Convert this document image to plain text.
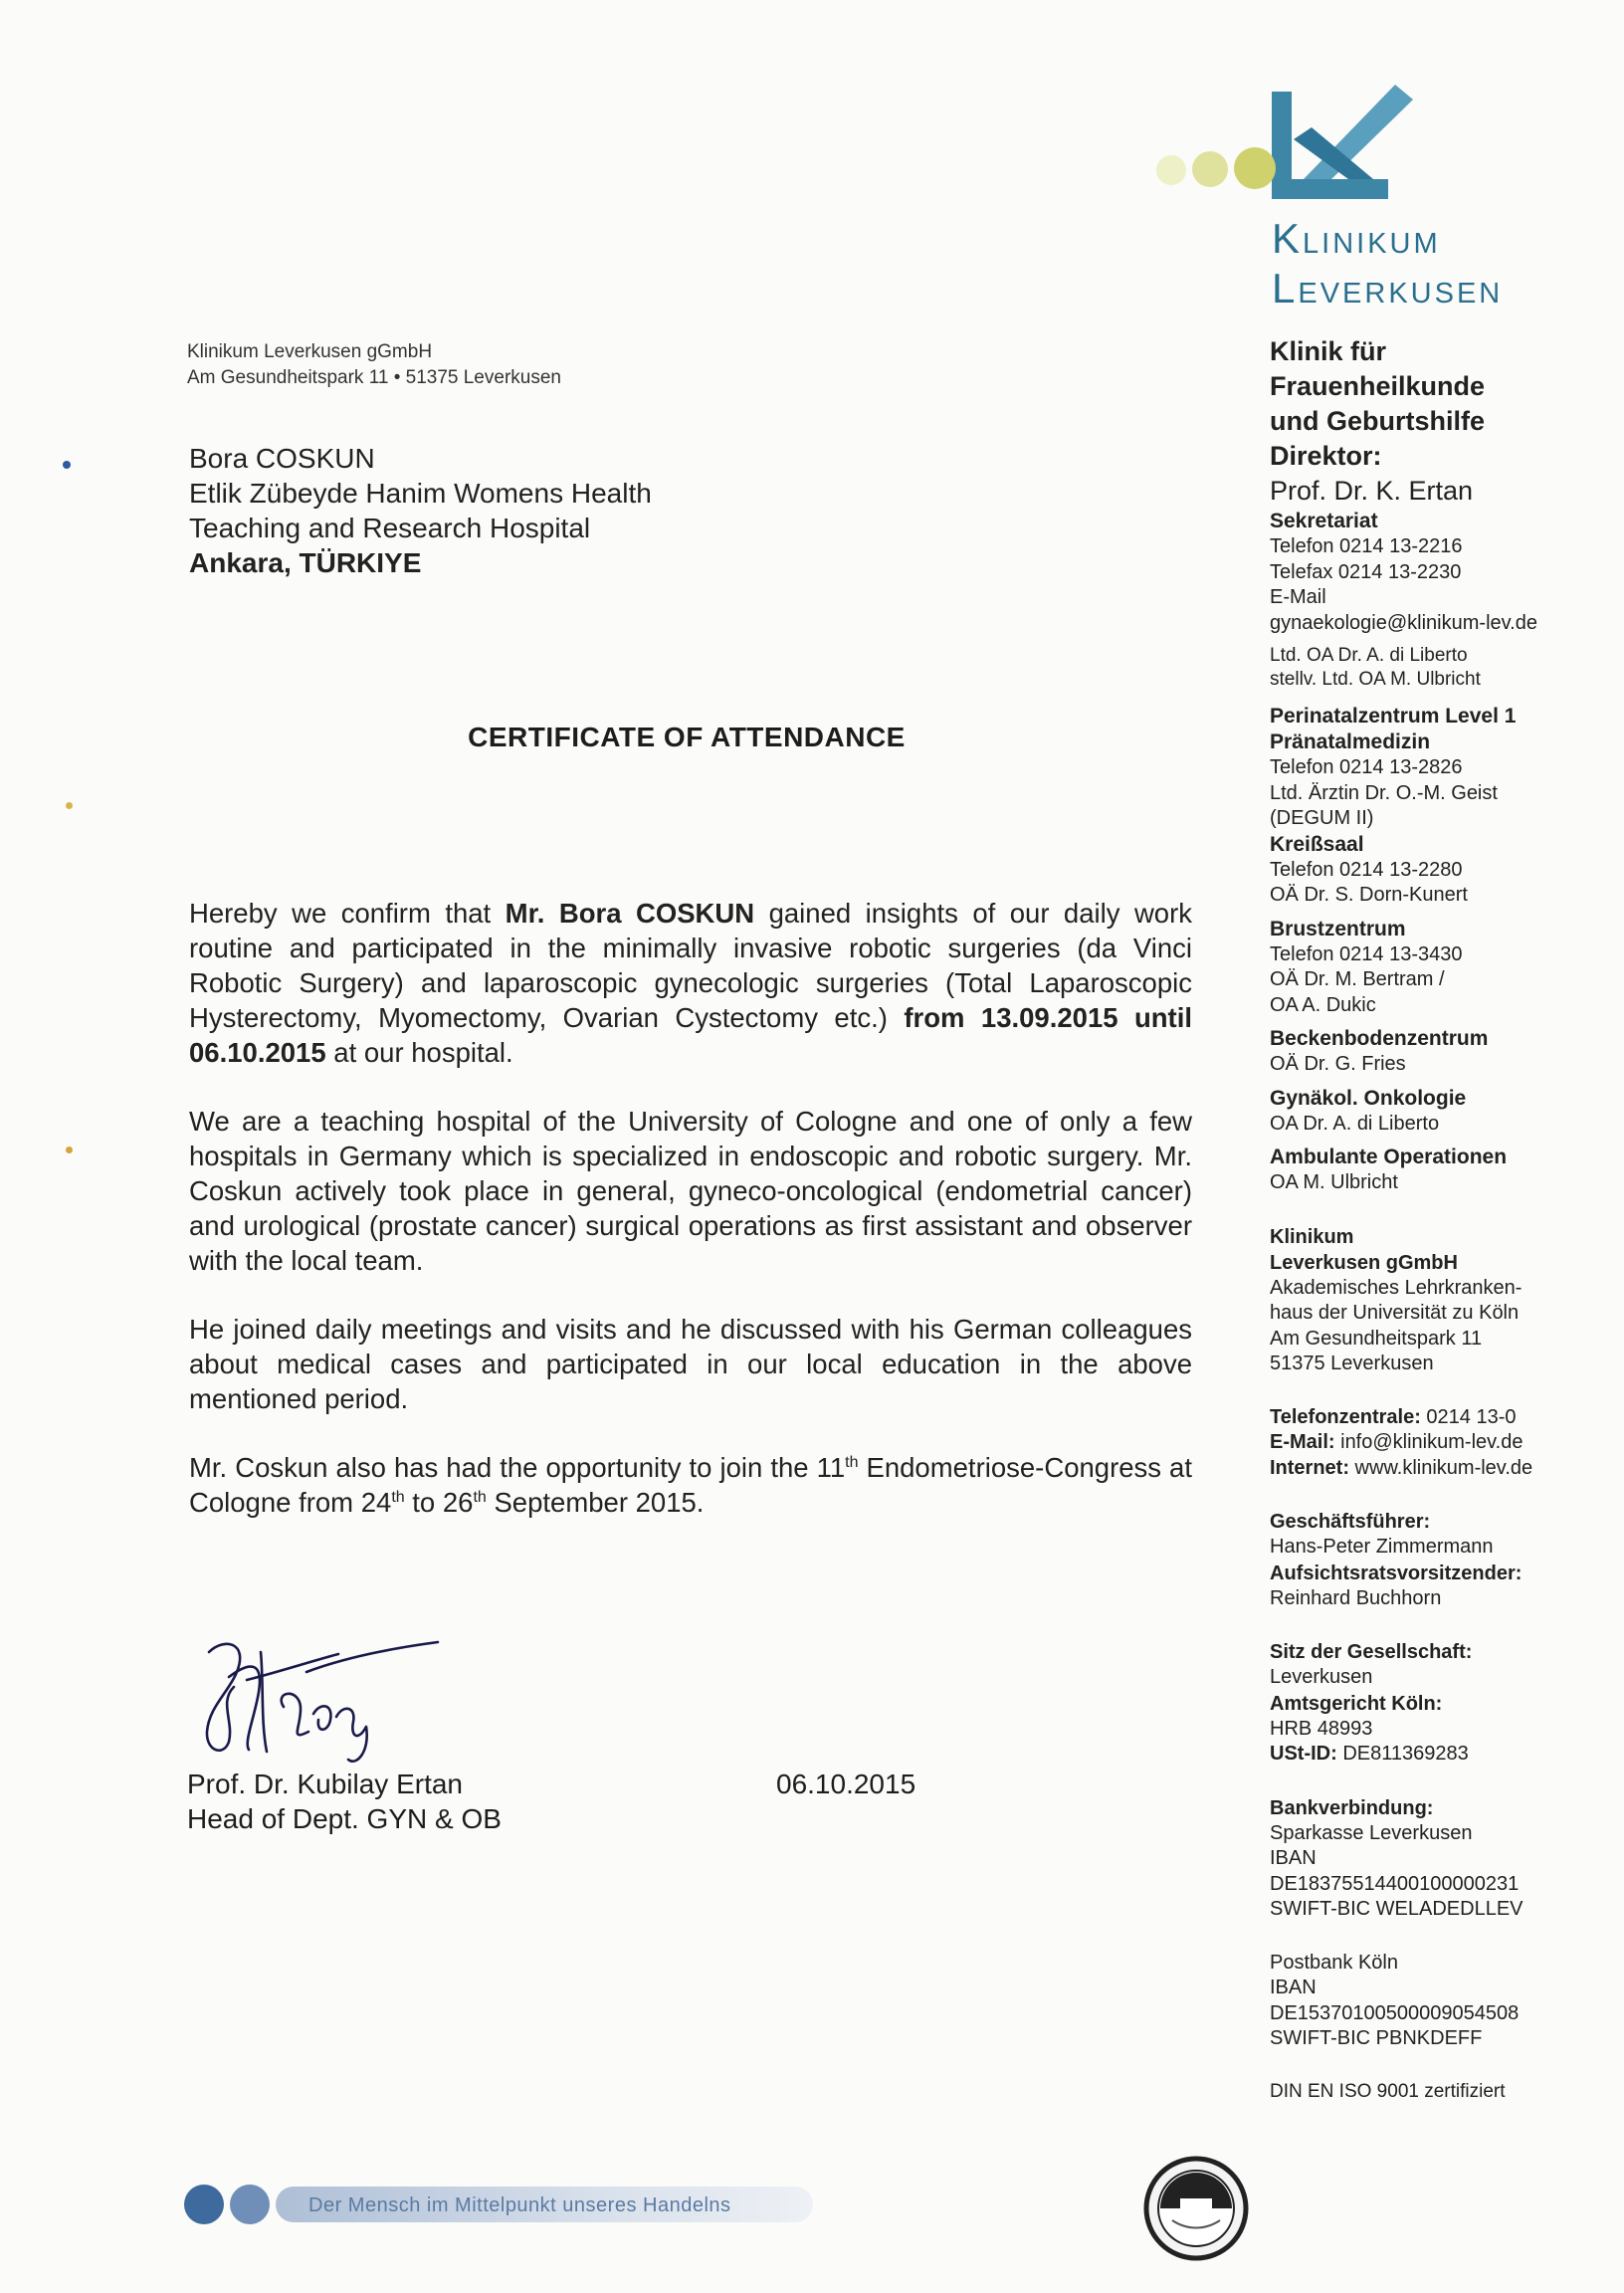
Klinikum
Leverkusen
Klinikum Leverkusen gGmbH
Am Gesundheitspark 11 • 51375 Leverkusen
Bora COSKUN
Etlik Zübeyde Hanim Womens Health
Teaching and Research Hospital
Ankara, TÜRKIYE
CERTIFICATE OF ATTENDANCE

Hereby we confirm that Mr. Bora COSKUN gained insights of our daily work routine and participated in the minimally invasive robotic surgeries (da Vinci Robotic Surgery) and laparoscopic gynecologic surgeries (Total Laparoscopic Hysterectomy, Myomectomy, Ovarian Cystectomy etc.) from 13.09.2015 until 06.10.2015 at our hospital.

We are a teaching hospital of the University of Cologne and one of only a few hospitals in Germany which is specialized in endoscopic and robotic surgery. Mr. Coskun actively took place in general, gyneco-oncological (endometrial cancer) and urological (prostate cancer) surgical operations as first assistant and observer with the local team.

He joined daily meetings and visits and he discussed with his German colleagues about medical cases and participated in our local education in the above mentioned period.

Mr. Coskun also has had the opportunity to join the 11th Endometriose-Congress at Cologne from 24th to 26th September 2015.

Prof. Dr. Kubilay Ertan
Head of Dept. GYN & OB
06.10.2015
Klinik für
Frauenheilkunde
und Geburtshilfe
Direktor:
Prof. Dr. K. Ertan
Sekretariat
Telefon 0214 13-2216
Telefax 0214 13-2230
E-Mail
gynaekologie@klinikum-lev.de
Ltd. OA Dr. A. di Liberto
stellv. Ltd. OA M. Ulbricht
Perinatalzentrum Level 1
Pränatalmedizin
Telefon 0214 13-2826
Ltd. Ärztin Dr. O.-M. Geist
(DEGUM II)
Kreißsaal
Telefon 0214 13-2280
OÄ Dr. S. Dorn-Kunert
Brustzentrum
Telefon 0214 13-3430
OÄ Dr. M. Bertram /
OA A. Dukic
Beckenbodenzentrum
OÄ Dr. G. Fries
Gynäkol. Onkologie
OA Dr. A. di Liberto
Ambulante Operationen
OA M. Ulbricht
Klinikum
Leverkusen gGmbH
Akademisches Lehrkranken-
haus der Universität zu Köln
Am Gesundheitspark 11
51375 Leverkusen
Telefonzentrale: 0214 13-0
E-Mail: info@klinikum-lev.de
Internet: www.klinikum-lev.de
Geschäftsführer:
Hans-Peter Zimmermann
Aufsichtsratsvorsitzender:
Reinhard Buchhorn
Sitz der Gesellschaft:
Leverkusen
Amtsgericht Köln:
HRB 48993
USt-ID: DE811369283
Bankverbindung:
Sparkasse Leverkusen
IBAN
DE18375514400100000231
SWIFT-BIC WELADEDLLEV
Postbank Köln
IBAN
DE15370100500009054508
SWIFT-BIC PBNKDEFF
DIN EN ISO 9001 zertifiziert
Der Mensch im Mittelpunkt unseres Handelns
